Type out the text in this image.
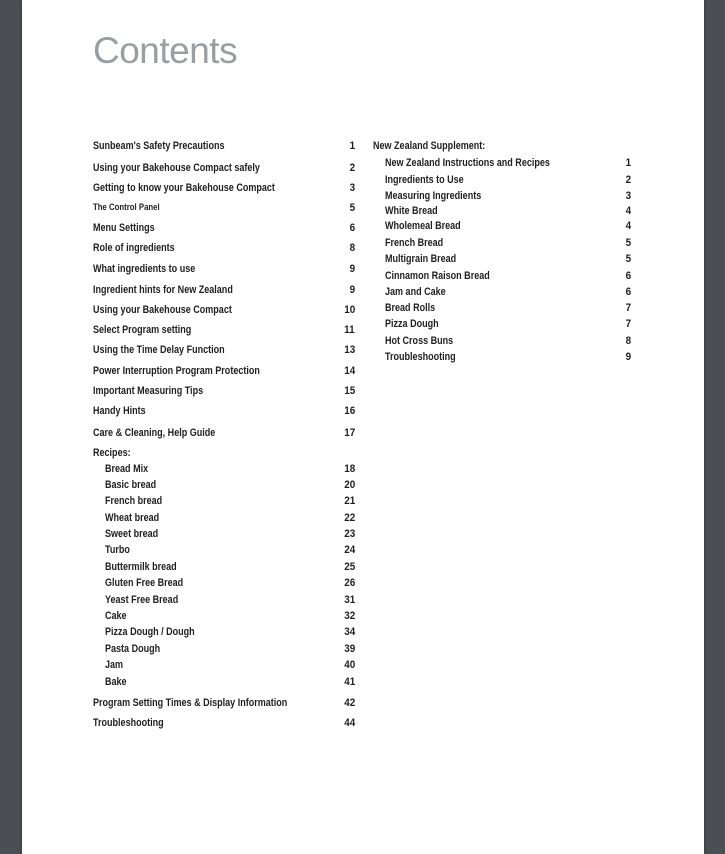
Contents
Sunbeam's Safety Precautions	1
Using your Bakehouse Compact safely	2
Getting to know your Bakehouse Compact	3
The Control Panel	5
Menu Settings	6
Role of ingredients	8
What ingredients to use	9
Ingredient hints for New Zealand	9
Using your Bakehouse Compact	10
Select Program setting	11
Using the Time Delay Function	13
Power Interruption Program Protection	14
Important Measuring Tips	15
Handy Hints	16
Care & Cleaning, Help Guide	17
Recipes:
Bread Mix	18
Basic bread	20
French bread	21
Wheat bread	22
Sweet bread	23
Turbo	24
Buttermilk bread	25
Gluten Free Bread	26
Yeast Free Bread	31
Cake	32
Pizza Dough / Dough	34
Pasta Dough	39
Jam	40
Bake	41
Program Setting Times & Display Information	42
Troubleshooting	44
New Zealand Supplement:
New Zealand Instructions and Recipes	1
Ingredients to Use	2
Measuring Ingredients	3
White Bread	4
Wholemeal Bread	4
French Bread	5
Multigrain Bread	5
Cinnamon Raison Bread	6
Jam and Cake	6
Bread Rolls	7
Pizza Dough	7
Hot Cross Buns	8
Troubleshooting	9
